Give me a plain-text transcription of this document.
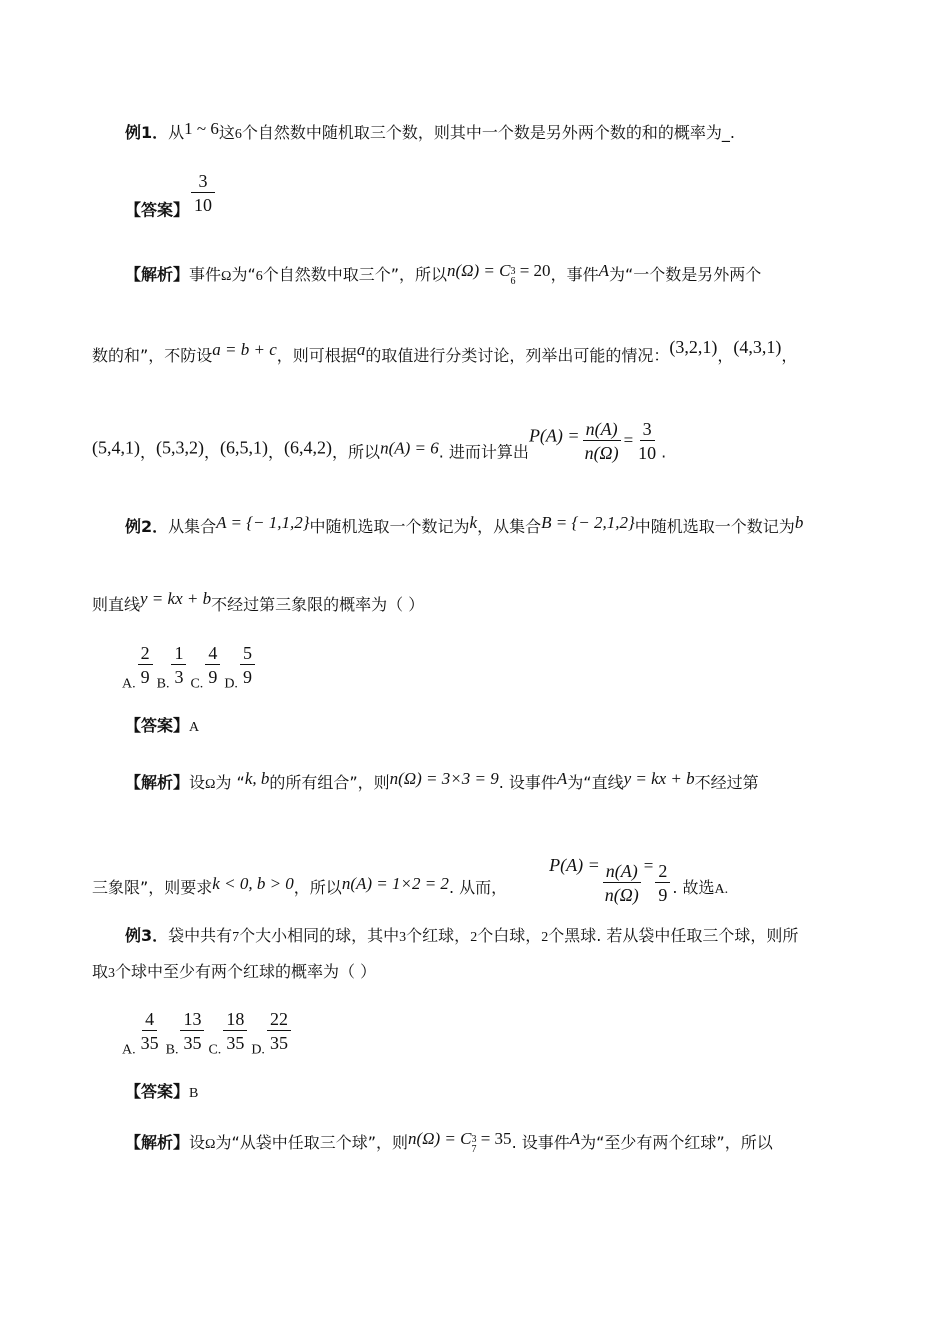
例1．从1 ~ 6这6个自然数中随机取三个数，则其中一个数是另外两个数的和的概率为_.
【答案】 $\frac{3}{10}$
【解析】事件Ω为“6个自然数中取三个”，所以n(Ω) = C 3
6
= 20，事件A为“一个数是另外两个
数的和”，不防设a = b + c，则可根据a的取值进行分类讨论，列举出可能的情况：(3,2,1)，(4,3,1)，
(5,4,1)，(5,3,2)，(6,5,1)，(6,4,2)，所以n(A) = 6. 进而计算出$P(A) = \frac{n(A)}{n(\Omega)} = \frac{3}{10}$ .
例2．从集合A = {− 1,1,2}中随机选取一个数记为k，从集合B = {− 2,1,2}中随机选取一个数记为b
则直线y = kx + b不经过第三象限的概率为（ ）
A. $\frac{2}{9} B$. $\frac{1}{3} C$. $\frac{4}{9} D$. $\frac{5}{9}$
【答案】A
【解析】设Ω为 “k, b的所有组合”，则n(Ω) = 3×3 = 9. 设事件A为“直线y = kx + b不经过第
三象限”，则要求k < 0, b > 0，所以n(A) = 1×2 = 2. 从而，$P(A) = \frac{n(A)}{n(\Omega)} = \frac{2}{9}$ . 故选A.
例3．袋中共有7个大小相同的球，其中3个红球，2个白球，2个黑球. 若从袋中任取三个球，则所
取3个球中至少有两个红球的概率为（ ）
A. $\frac{4}{35} B$. $\frac{13}{35} C$. $\frac{18}{35} D$. $\frac{22}{35}$
【答案】B
【解析】设Ω为“从袋中任取三个球”，则n(Ω) = C 3
7
= 35. 设事件A为“至少有两个红球”，所以
